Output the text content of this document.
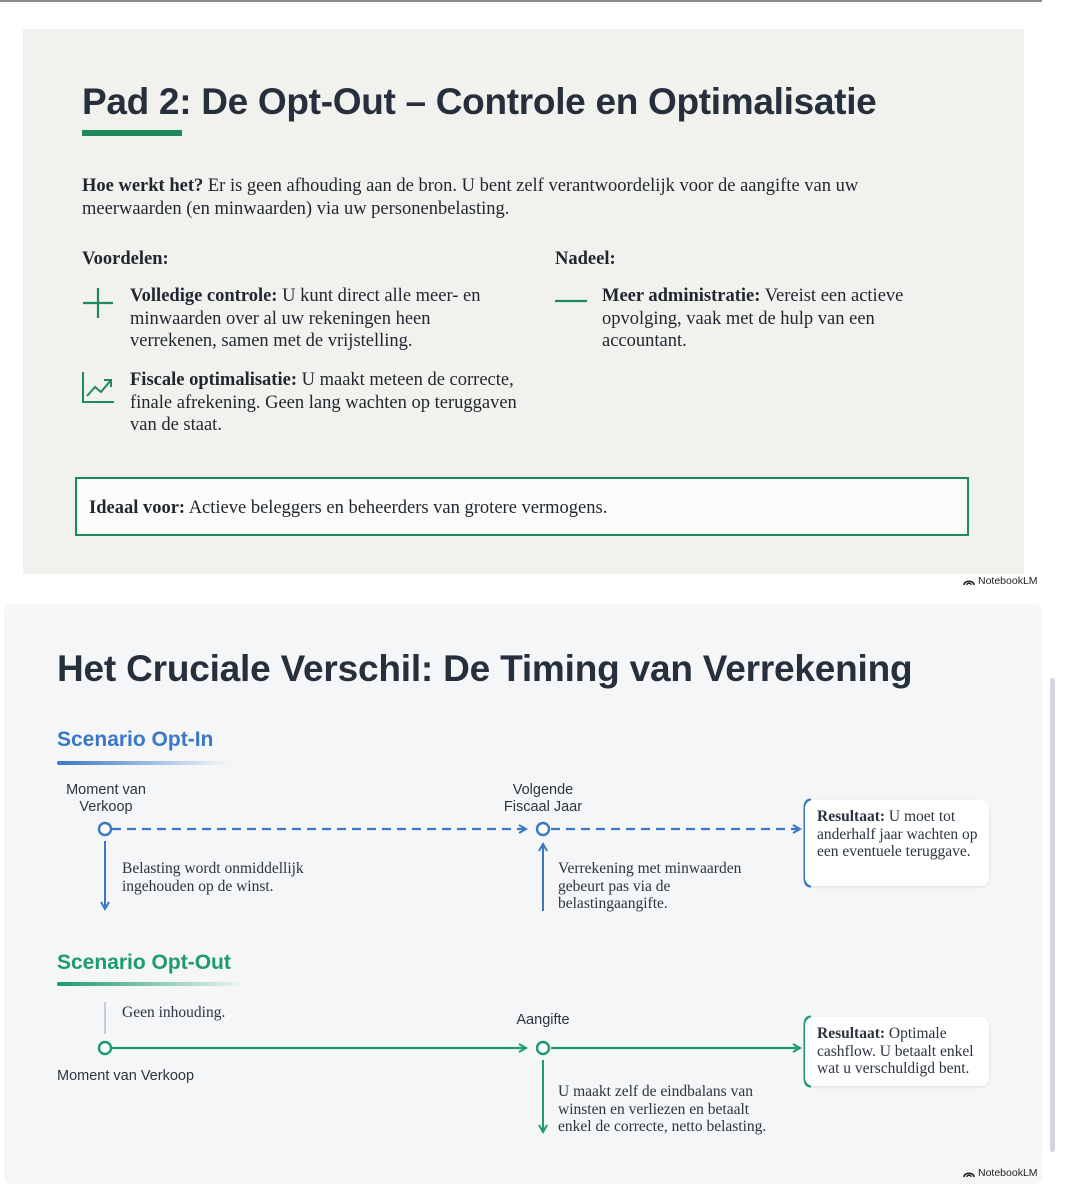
Pad 2: De Opt-Out – Controle en Optimalisatie
Hoe werkt het? Er is geen afhouding aan de bron. U bent zelf verantwoordelijk voor de aangifte van uw meerwaarden (en minwaarden) via uw personenbelasting.
Voordelen:	Nadeel:
Volledige controle: U kunt direct alle meer- en minwaarden over al uw rekeningen heen verrekenen, samen met de vrijstelling.
Fiscale optimalisatie: U maakt meteen de correcte, finale afrekening. Geen lang wachten op teruggaven van de staat.
Meer administratie: Vereist een actieve opvolging, vaak met de hulp van een accountant.
Ideaal voor: Actieve beleggers en beheerders van grotere vermogens.
NotebookLM
Het Cruciale Verschil: De Timing van Verrekening
Scenario Opt-In
Scenario Opt-Out
Moment van
Verkoop
Volgende
Fiscaal Jaar
Belasting wordt onmiddellijk
ingehouden op de winst.
Verrekening met minwaarden
gebeurt pas via de
belastingaangifte.
Resultaat: U moet tot anderhalf jaar wachten op een eventuele teruggave.
Geen inhouding.
Moment van Verkoop
Aangifte
U maakt zelf de eindbalans van
winsten en verliezen en betaalt
enkel de correcte, netto belasting.
Resultaat: Optimale cashflow. U betaalt enkel wat u verschuldigd bent.
NotebookLM
